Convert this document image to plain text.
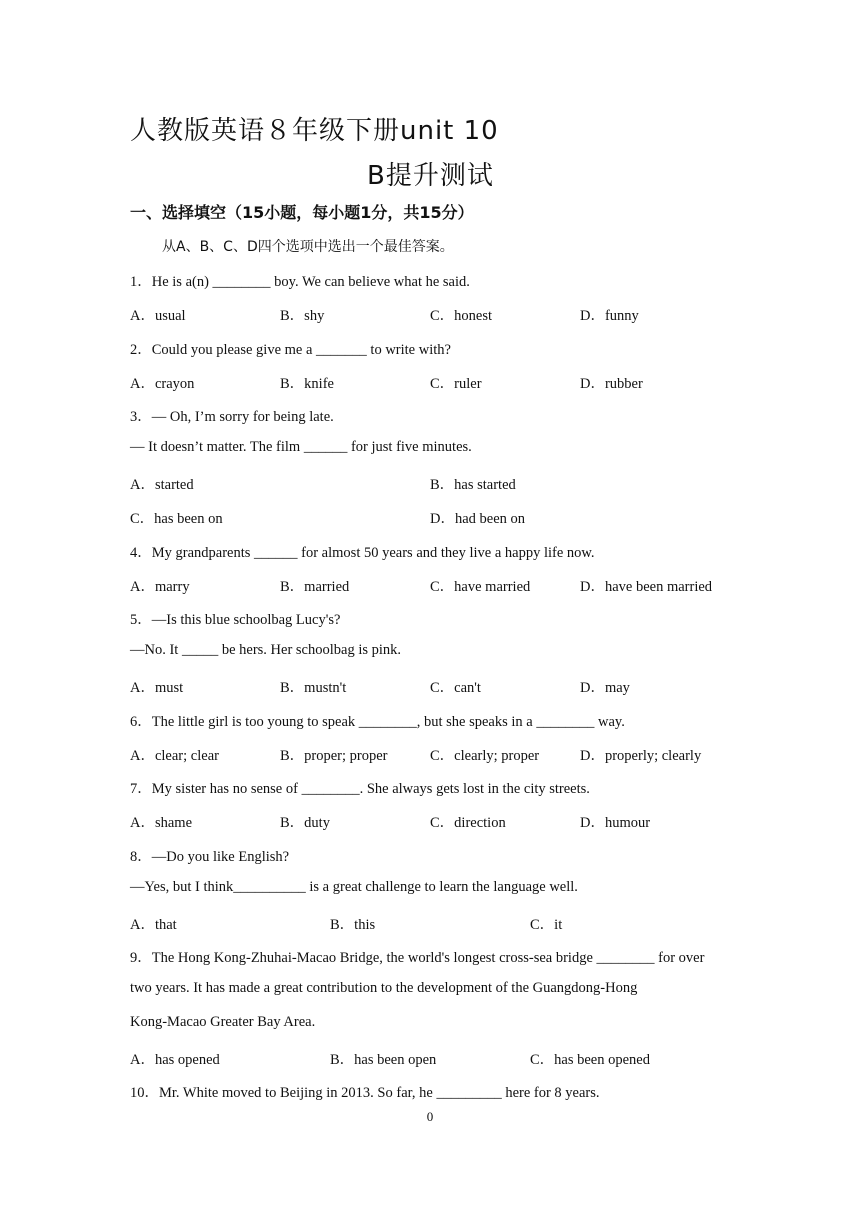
人教版英语８年级下册unit 10
B提升测试
一、选择填空（15小题，每小题1分，共15分）
从A、B、C、D四个选项中选出一个最佳答案。
1．He is a(n) ________ boy. We can believe what he said.
A．usual	B．shy	C．honest	D．funny
2．Could you please give me a _______ to write with?
A．crayon	B．knife	C．ruler	D．rubber
3．— Oh, I’m sorry for being late.
— It doesn’t matter. The film ______ for just five minutes.
A．started	B．has started
C．has been on	D．had been on
4．My grandparents ______ for almost 50 years and they live a happy life now.
A．marry	B．married	C．have married	D．have been married
5．—Is this blue schoolbag Lucy's?
—No. It _____ be hers. Her schoolbag is pink.
A．must	B．mustn't	C．can't	D．may
6．The little girl is too young to speak ________, but she speaks in a ________ way.
A．clear; clear	B．proper; proper	C．clearly; proper	D．properly; clearly
7．My sister has no sense of ________. She always gets lost in the city streets.
A．shame	B．duty	C．direction	D．humour
8．—Do you like English?
—Yes, but I think__________ is a great challenge to learn the language well.
A．that	B．this	C．it
9．The Hong Kong-Zhuhai-Macao Bridge, the world's longest cross-sea bridge ________ for over
two years. It has made a great contribution to the development of the Guangdong-Hong
Kong-Macao Greater Bay Area.
A．has opened	B．has been open	C．has been opened
10．Mr. White moved to Beijing in 2013. So far, he _________ here for 8 years.
0
